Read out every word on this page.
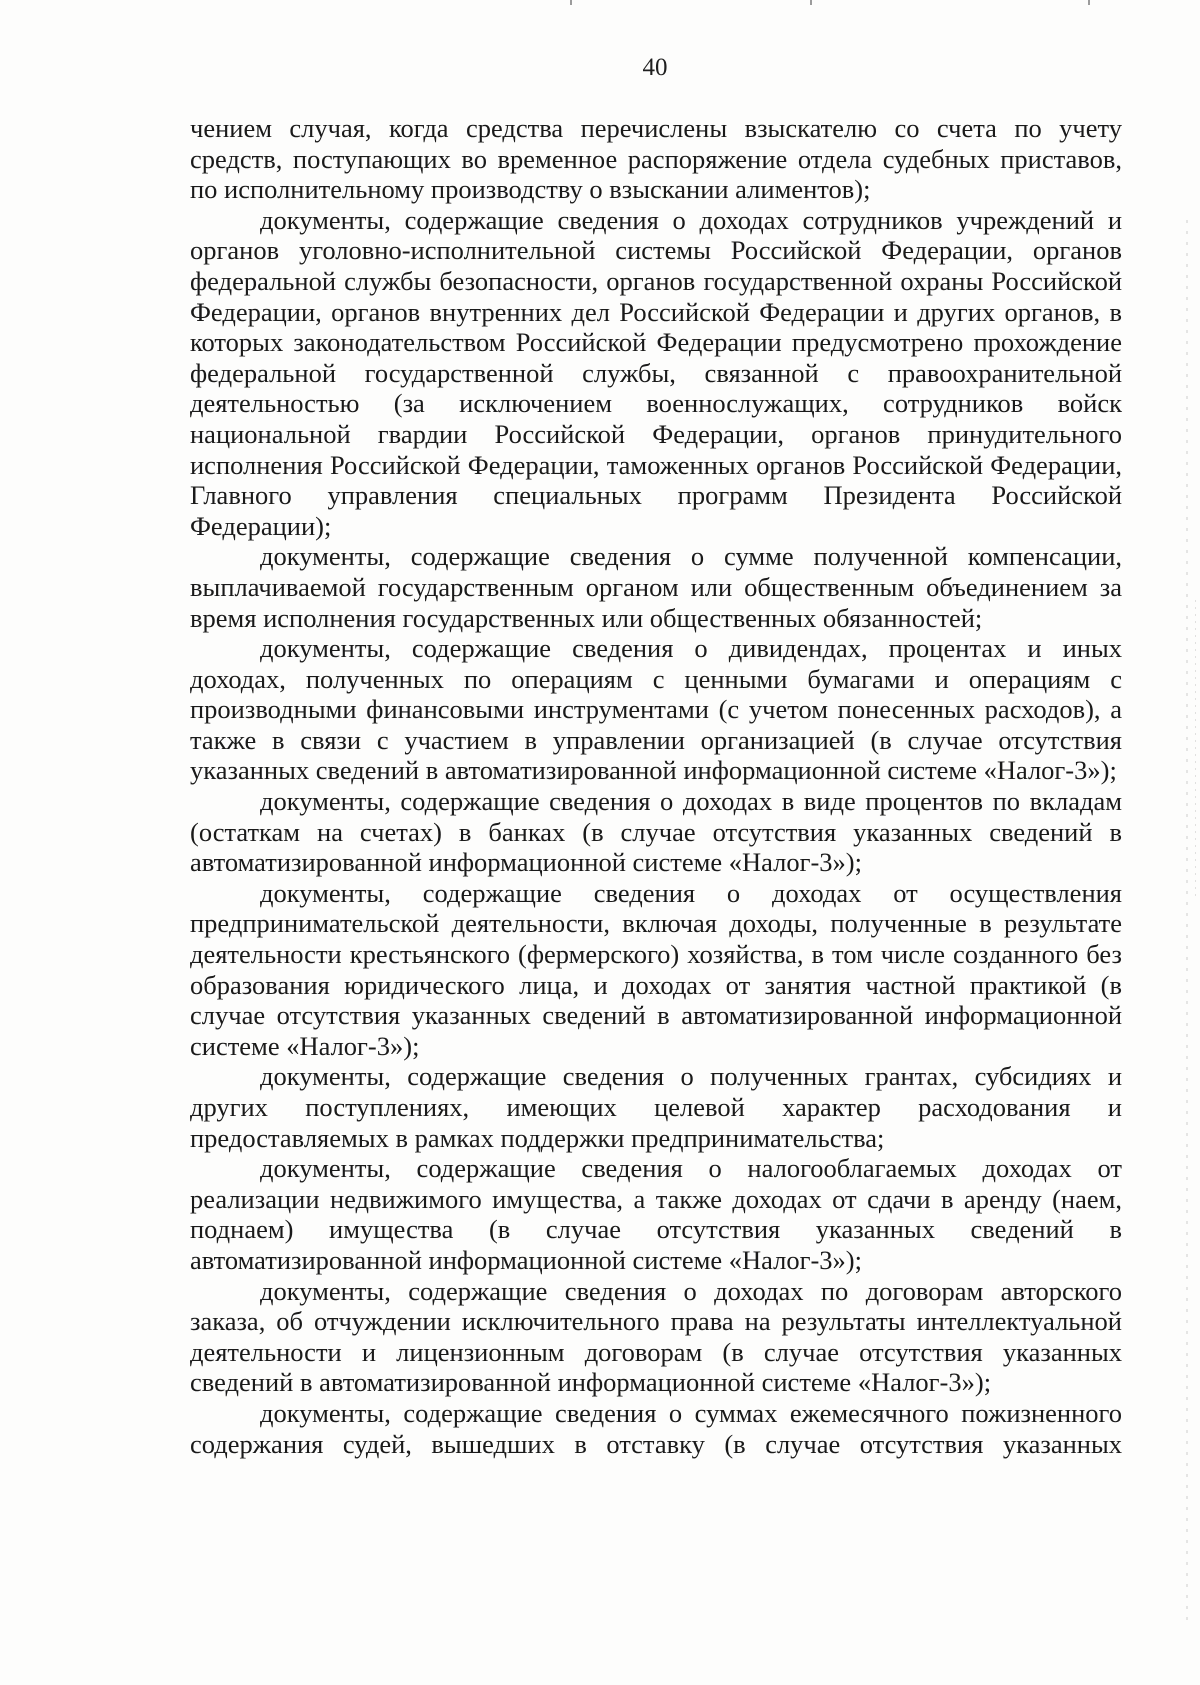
40

чением случая, когда средства перечислены взыскателю со счета по учету средств, поступающих во временное распоряжение отдела судебных приставов, по исполнительному производству о взыскании алиментов);

документы, содержащие сведения о доходах сотрудников учреждений и органов уголовно-исполнительной системы Российской Федерации, органов федеральной службы безопасности, органов государственной охраны Российской Федерации, органов внутренних дел Российской Федерации и других органов, в которых законодательством Российской Федерации предусмотрено прохождение федеральной государственной службы, связанной с правоохранительной деятельностью (за исключением военнослужащих, сотрудников войск национальной гвардии Российской Федерации, органов принудительного исполнения Российской Федерации, таможенных органов Российской Федерации, Главного управления специальных программ Президента Российской Федерации);

документы, содержащие сведения о сумме полученной компенсации, выплачиваемой государственным органом или общественным объединением за время исполнения государственных или общественных обязанностей;

документы, содержащие сведения о дивидендах, процентах и иных доходах, полученных по операциям с ценными бумагами и операциям с производными финансовыми инструментами (с учетом понесенных расходов), а также в связи с участием в управлении организацией (в случае отсутствия указанных сведений в автоматизированной информационной системе «Налог-3»);

документы, содержащие сведения о доходах в виде процентов по вкладам (остаткам на счетах) в банках (в случае отсутствия указанных сведений в автоматизированной информационной системе «Налог-3»);

документы, содержащие сведения о доходах от осуществления предпринимательской деятельности, включая доходы, полученные в результате деятельности крестьянского (фермерского) хозяйства, в том числе созданного без образования юридического лица, и доходах от занятия частной практикой (в случае отсутствия указанных сведений в автоматизированной информационной системе «Налог-3»);

документы, содержащие сведения о полученных грантах, субсидиях и других поступлениях, имеющих целевой характер расходования и предоставляемых в рамках поддержки предпринимательства;

документы, содержащие сведения о налогооблагаемых доходах от реализации недвижимого имущества, а также доходах от сдачи в аренду (наем, поднаем) имущества (в случае отсутствия указанных сведений в автоматизированной информационной системе «Налог-3»);

документы, содержащие сведения о доходах по договорам авторского заказа, об отчуждении исключительного права на результаты интеллектуальной деятельности и лицензионным договорам (в случае отсутствия указанных сведений в автоматизированной информационной системе «Налог-3»);

документы, содержащие сведения о суммах ежемесячного пожизненного содержания судей, вышедших в отставку (в случае отсутствия указанных
